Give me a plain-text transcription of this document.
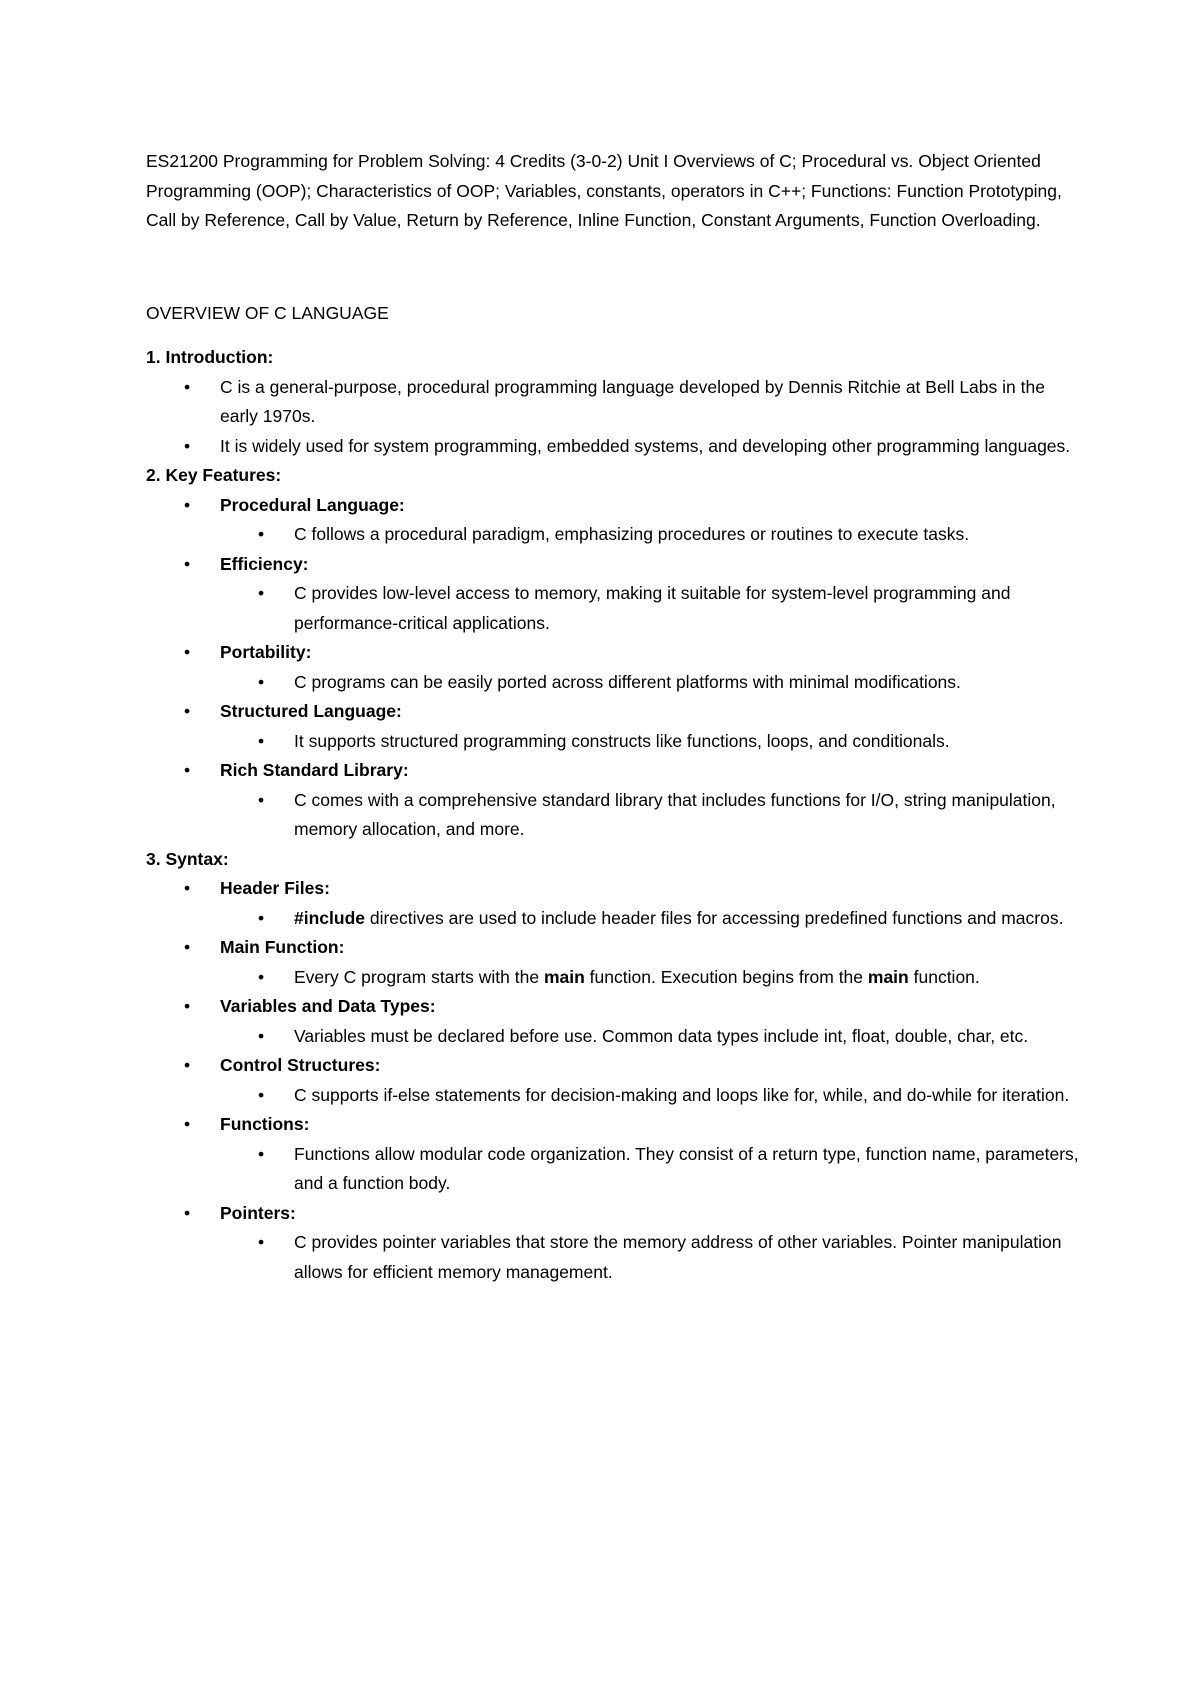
ES21200 Programming for Problem Solving: 4 Credits (3-0-2) Unit I Overviews of C; Procedural vs. Object Oriented Programming (OOP); Characteristics of OOP; Variables, constants, operators in C++; Functions: Function Prototyping, Call by Reference, Call by Value, Return by Reference, Inline Function, Constant Arguments, Function Overloading.

OVERVIEW OF C LANGUAGE

1. Introduction:

•	C is a general-purpose, procedural programming language developed by Dennis Ritchie at Bell Labs in the early 1970s.
•	It is widely used for system programming, embedded systems, and developing other programming languages.

2. Key Features:

•	Procedural Language:
•	C follows a procedural paradigm, emphasizing procedures or routines to execute tasks.
•	Efficiency:
•	C provides low-level access to memory, making it suitable for system-level programming and performance-critical applications.
•	Portability:
•	C programs can be easily ported across different platforms with minimal modifications.
•	Structured Language:
•	It supports structured programming constructs like functions, loops, and conditionals.
•	Rich Standard Library:
•	C comes with a comprehensive standard library that includes functions for I/O, string manipulation, memory allocation, and more.

3. Syntax:

•	Header Files:
•	#include directives are used to include header files for accessing predefined functions and macros.
•	Main Function:
•	Every C program starts with the main function. Execution begins from the main function.
•	Variables and Data Types:
•	Variables must be declared before use. Common data types include int, float, double, char, etc.
•	Control Structures:
•	C supports if-else statements for decision-making and loops like for, while, and do-while for iteration.
•	Functions:
•	Functions allow modular code organization. They consist of a return type, function name, parameters, and a function body.
•	Pointers:
•	C provides pointer variables that store the memory address of other variables. Pointer manipulation allows for efficient memory management.
